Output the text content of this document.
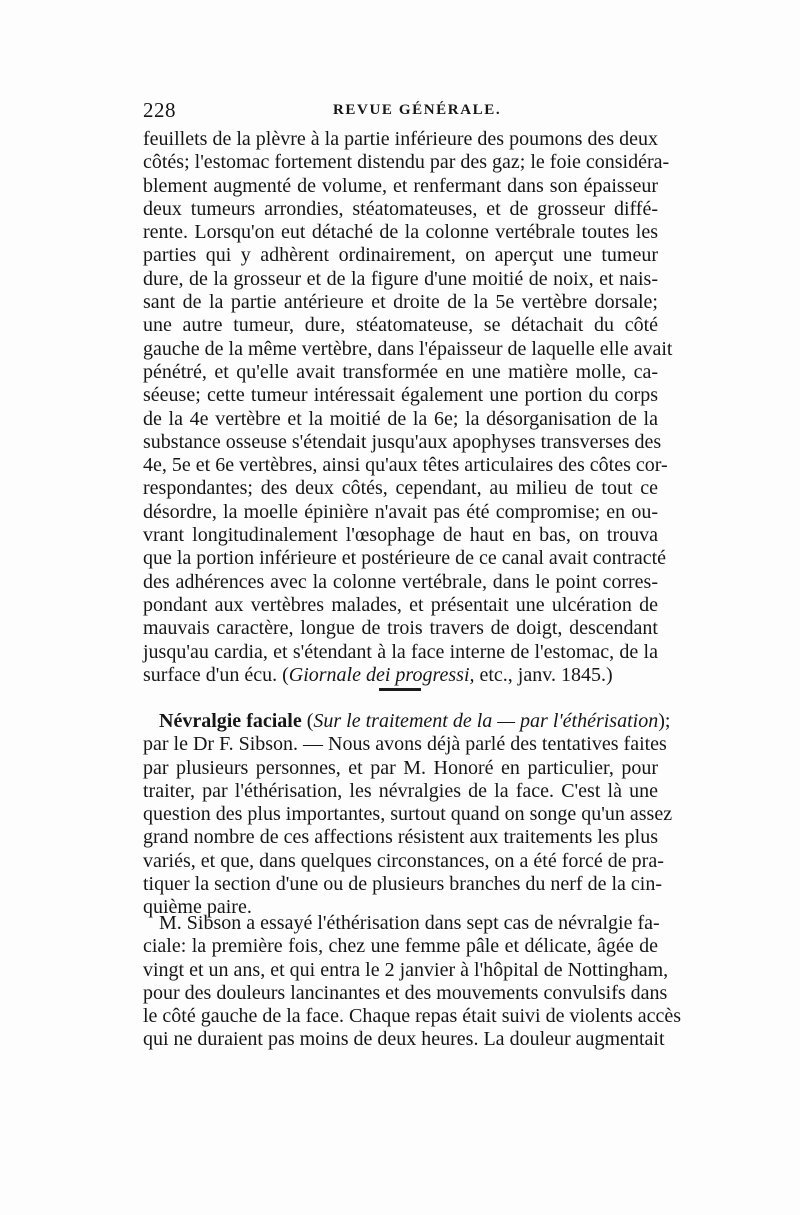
228	REVUE GÉNÉRALE.
feuillets de la plèvre à la partie inférieure des poumons des deux
côtés; l'estomac fortement distendu par des gaz; le foie considéra-
blement augmenté de volume, et renfermant dans son épaisseur
deux tumeurs arrondies, stéatomateuses, et de grosseur diffé-
rente. Lorsqu'on eut détaché de la colonne vertébrale toutes les
parties qui y adhèrent ordinairement, on aperçut une tumeur
dure, de la grosseur et de la figure d'une moitié de noix, et nais-
sant de la partie antérieure et droite de la 5e vertèbre dorsale;
une autre tumeur, dure, stéatomateuse, se détachait du côté
gauche de la même vertèbre, dans l'épaisseur de laquelle elle avait
pénétré, et qu'elle avait transformée en une matière molle, ca-
séeuse; cette tumeur intéressait également une portion du corps
de la 4e vertèbre et la moitié de la 6e; la désorganisation de la
substance osseuse s'étendait jusqu'aux apophyses transverses des
4e, 5e et 6e vertèbres, ainsi qu'aux têtes articulaires des côtes cor-
respondantes; des deux côtés, cependant, au milieu de tout ce
désordre, la moelle épinière n'avait pas été compromise; en ou-
vrant longitudinalement l'œsophage de haut en bas, on trouva
que la portion inférieure et postérieure de ce canal avait contracté
des adhérences avec la colonne vertébrale, dans le point corres-
pondant aux vertèbres malades, et présentait une ulcération de
mauvais caractère, longue de trois travers de doigt, descendant
jusqu'au cardia, et s'étendant à la face interne de l'estomac, de la
surface d'un écu. (Giornale dei progressi, etc., janv. 1845.)
Névralgie faciale (Sur le traitement de la — par l'éthérisation);
par le Dr F. Sibson. — Nous avons déjà parlé des tentatives faites
par plusieurs personnes, et par M. Honoré en particulier, pour
traiter, par l'éthérisation, les névralgies de la face. C'est là une
question des plus importantes, surtout quand on songe qu'un assez
grand nombre de ces affections résistent aux traitements les plus
variés, et que, dans quelques circonstances, on a été forcé de pra-
tiquer la section d'une ou de plusieurs branches du nerf de la cin-
quième paire.
M. Sibson a essayé l'éthérisation dans sept cas de névralgie fa-
ciale: la première fois, chez une femme pâle et délicate, âgée de
vingt et un ans, et qui entra le 2 janvier à l'hôpital de Nottingham,
pour des douleurs lancinantes et des mouvements convulsifs dans
le côté gauche de la face. Chaque repas était suivi de violents accès
qui ne duraient pas moins de deux heures. La douleur augmentait
